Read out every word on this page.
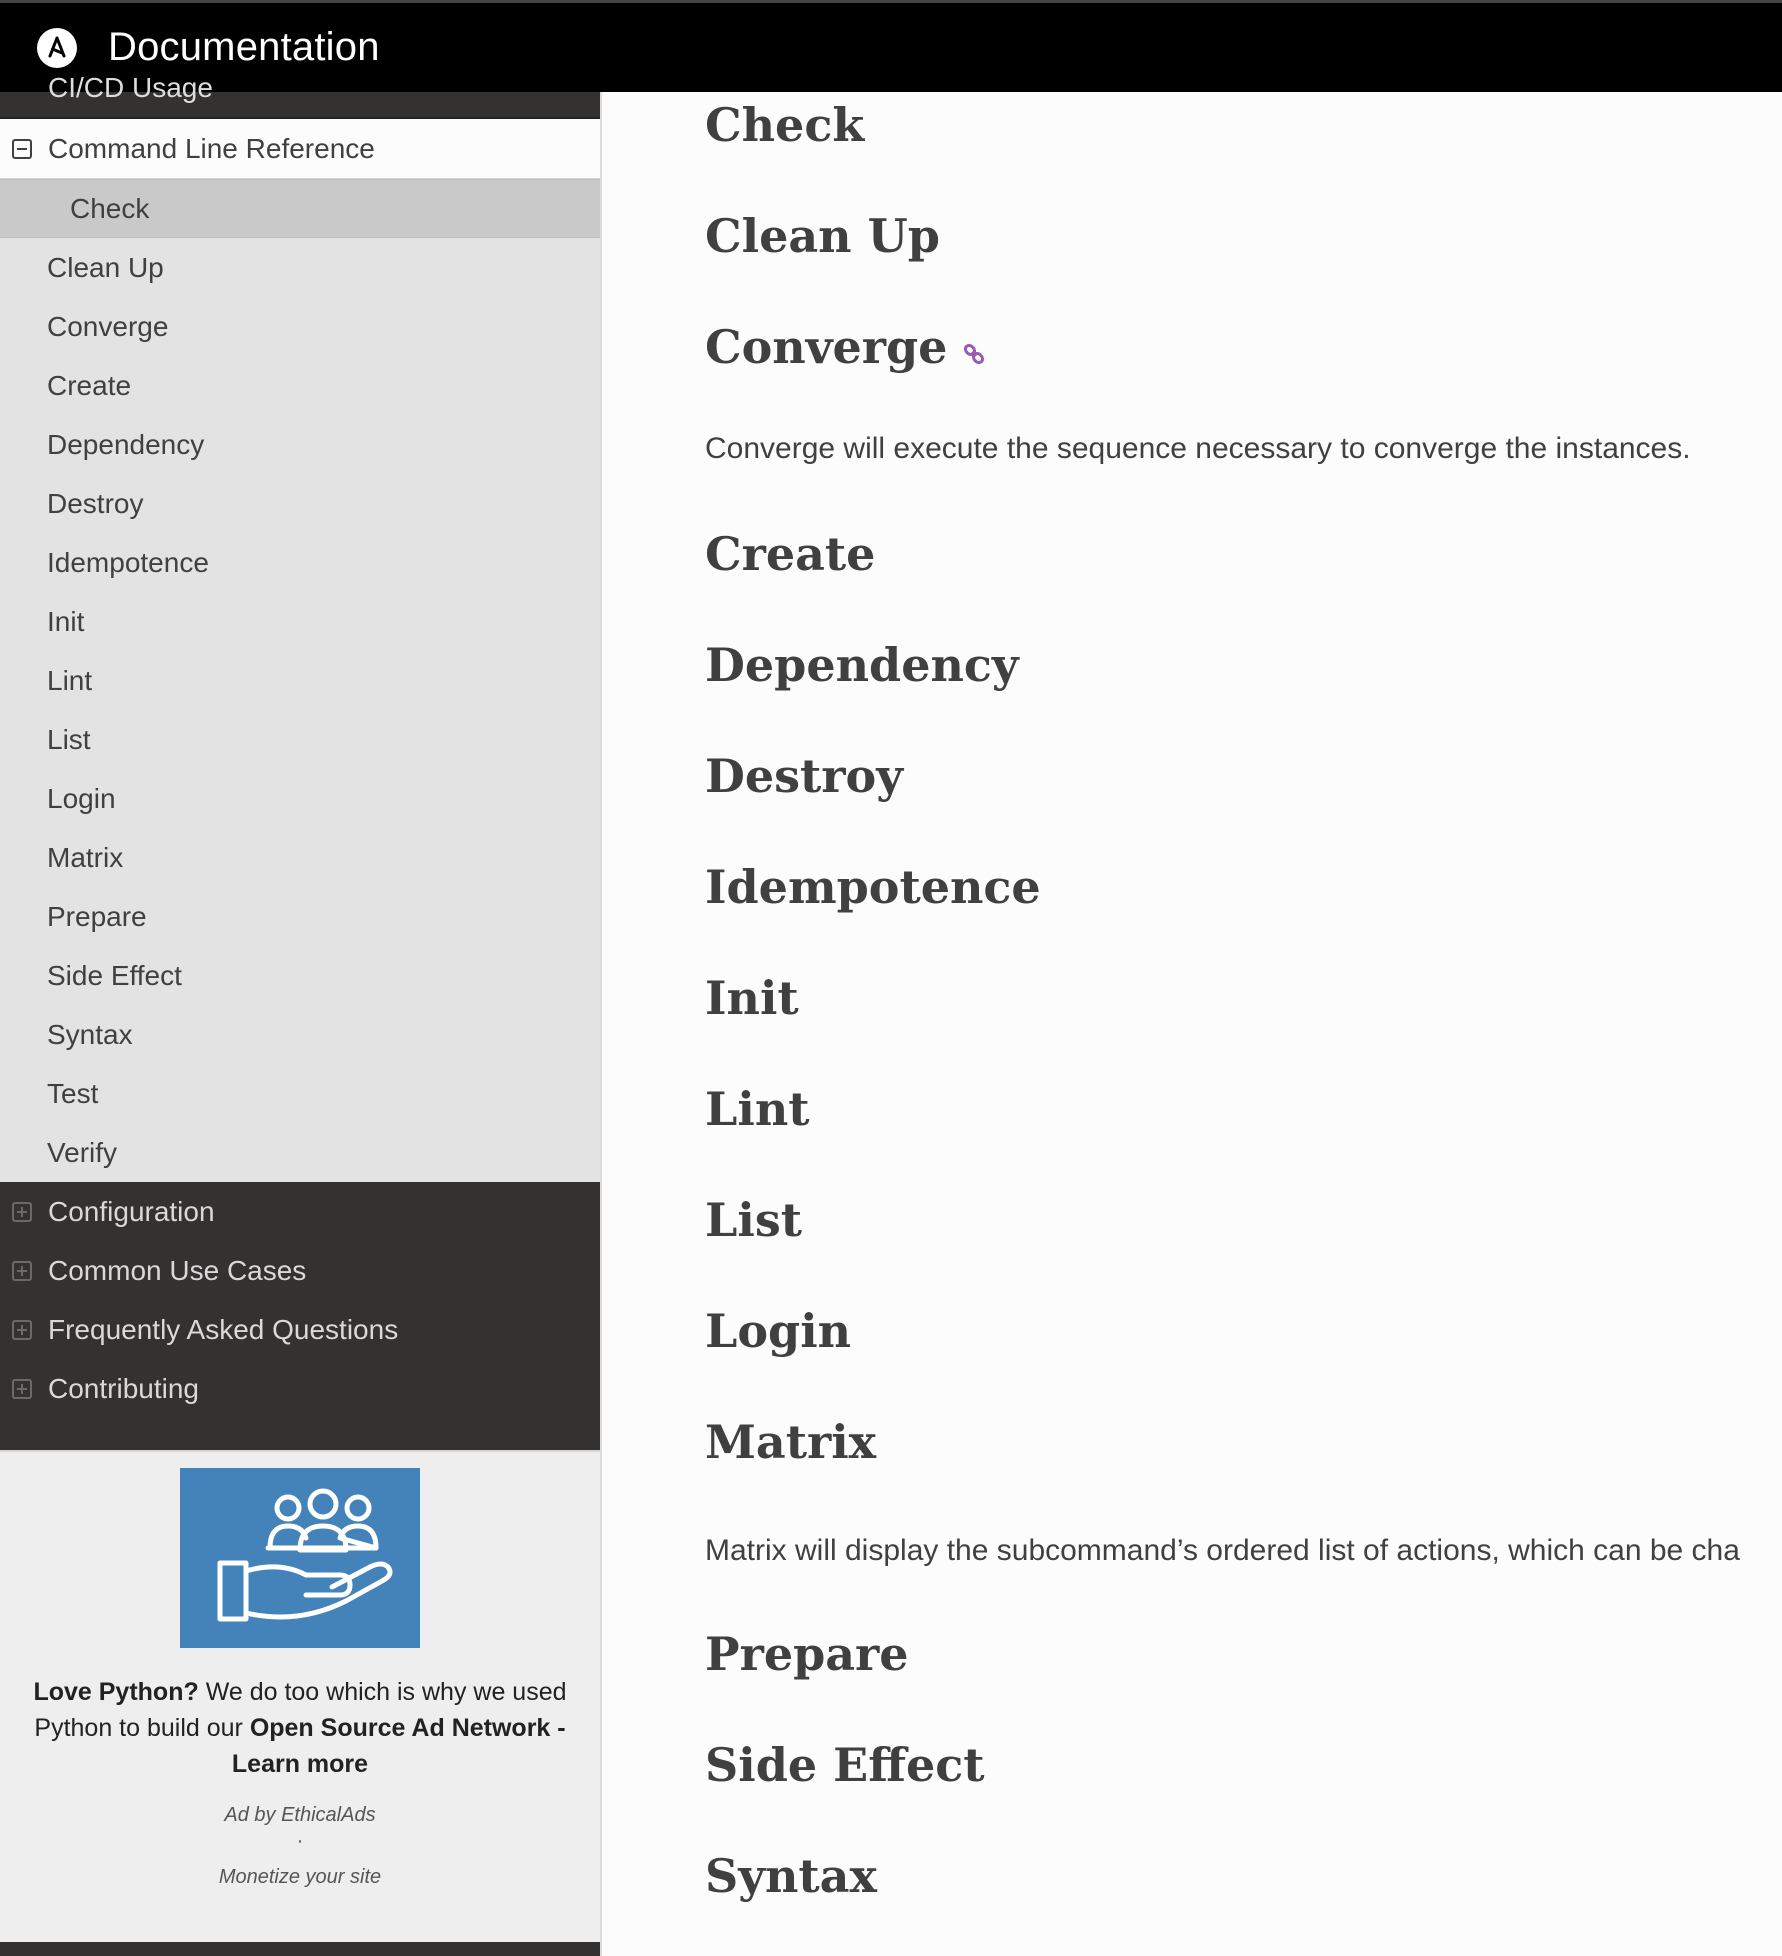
Documentation
CI/CD Usage
Command Line Reference
Check
Clean Up
Converge
Create
Dependency
Destroy
Idempotence
Init
Lint
List
Login
Matrix
Prepare
Side Effect
Syntax
Test
Verify
Configuration
Common Use Cases
Frequently Asked Questions
Contributing
Love Python? We do too which is why we used Python to build our Open Source Ad Network - Learn more
Ad by EthicalAds
·
Monetize your site
Check
Clean Up
Converge

Converge will execute the sequence necessary to converge the instances.

Create
Dependency
Destroy
Idempotence
Init
Lint
List
Login
Matrix

Matrix will display the subcommand’s ordered list of actions, which can be cha

Prepare
Side Effect
Syntax
